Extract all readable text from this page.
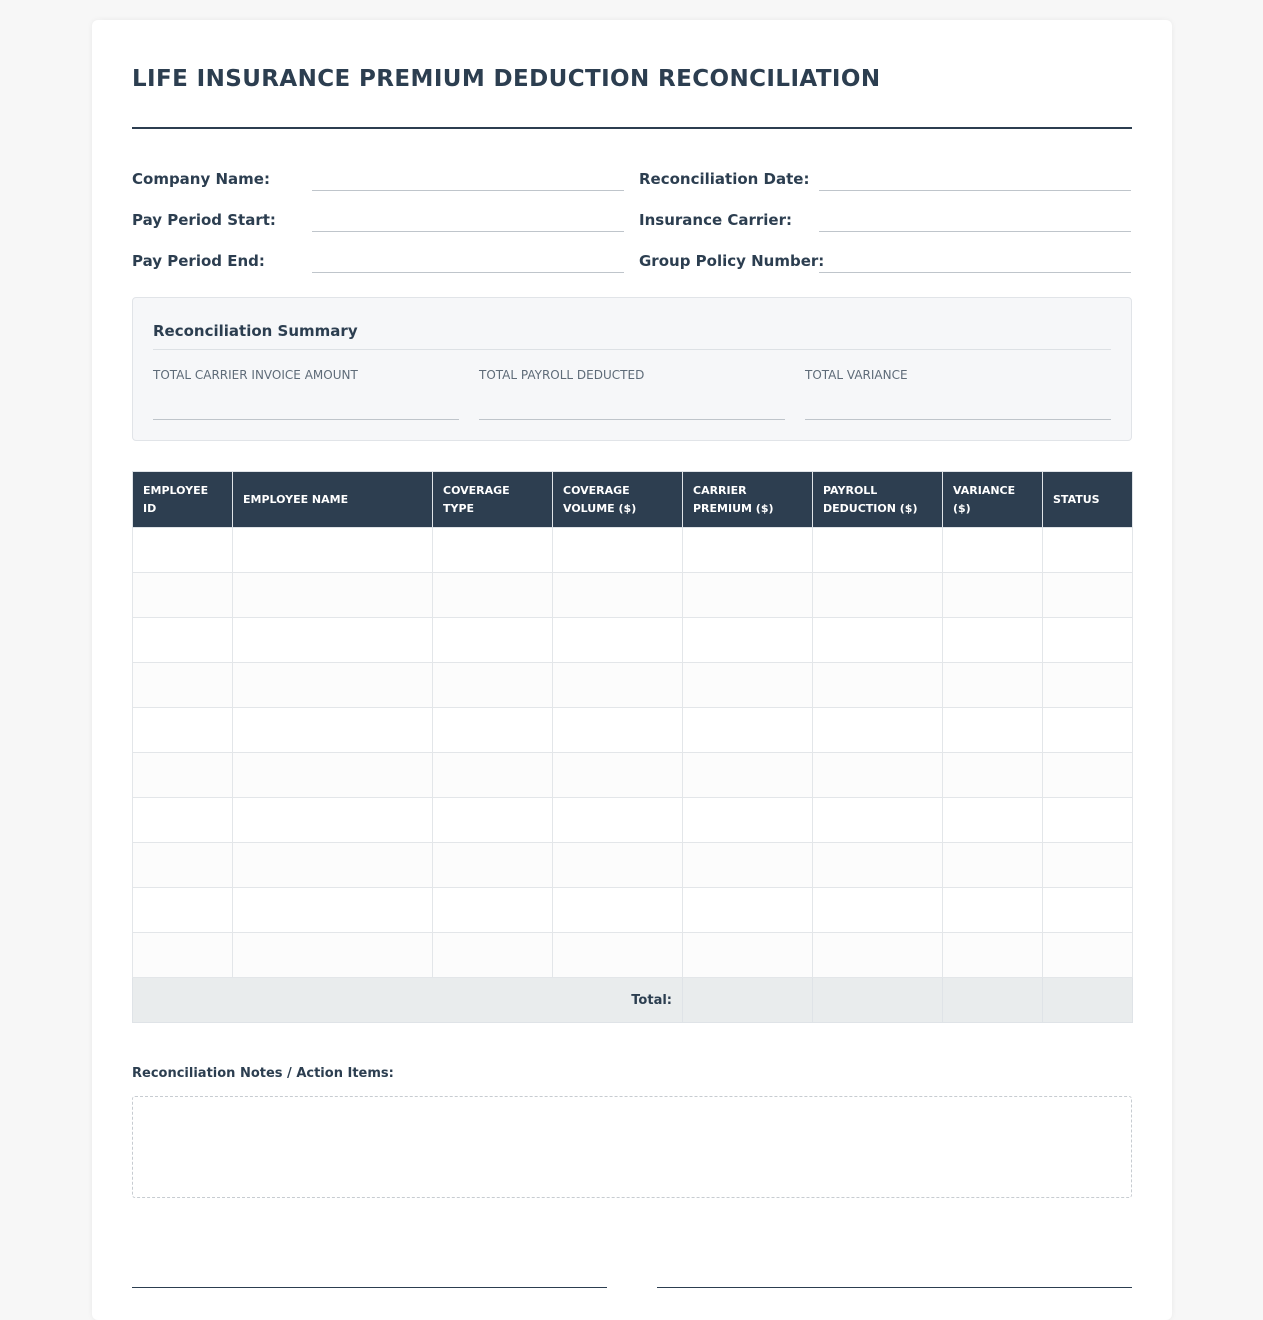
LIFE INSURANCE PREMIUM DEDUCTION RECONCILIATION
Company Name:	Reconciliation Date:
Pay Period Start:	Insurance Carrier:
Pay Period End:	Group Policy Number:
Reconciliation Summary
TOTAL CARRIER INVOICE AMOUNT	TOTAL PAYROLL DEDUCTED	TOTAL VARIANCE
EMPLOYEE ID	EMPLOYEE NAME	COVERAGE TYPE	COVERAGE VOLUME ($)	CARRIER PREMIUM ($)	PAYROLL DEDUCTION ($)	VARIANCE ($)	STATUS

Total:							
Reconciliation Notes / Action Items:
